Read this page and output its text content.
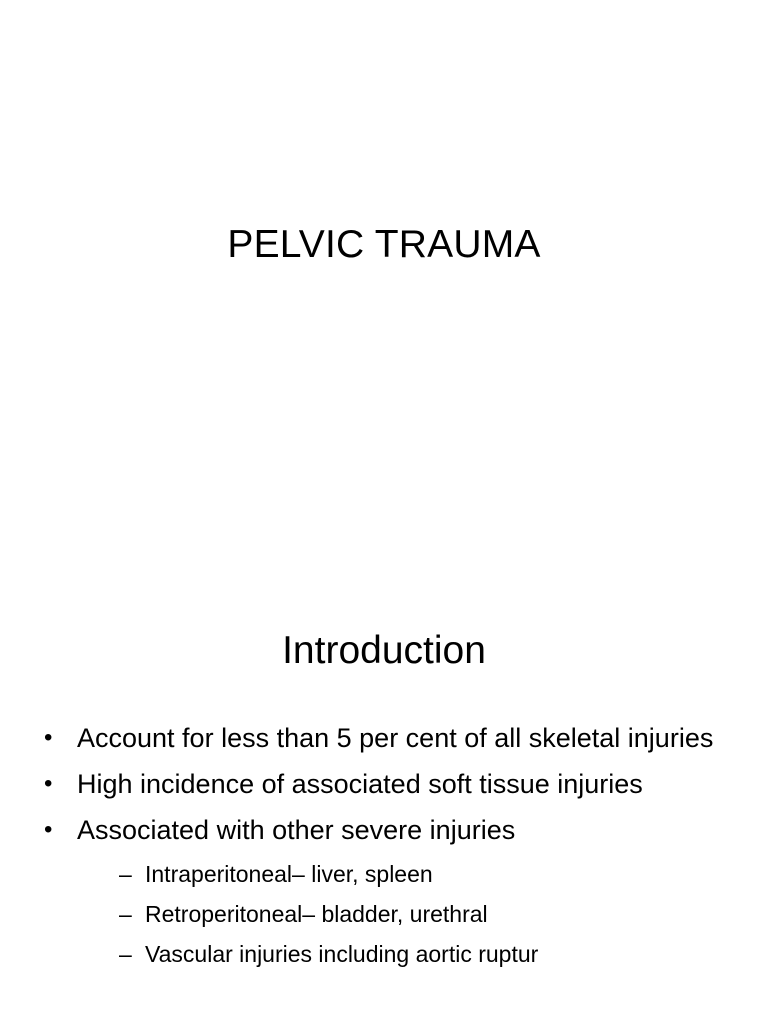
PELVIC TRAUMA
Introduction
• Account for less than 5 per cent of all skeletal injuries
• High incidence of associated soft tissue injuries
• Associated with other severe injuries
– Intraperitoneal– liver, spleen
– Retroperitoneal– bladder, urethral
– Vascular injuries including aortic ruptur
